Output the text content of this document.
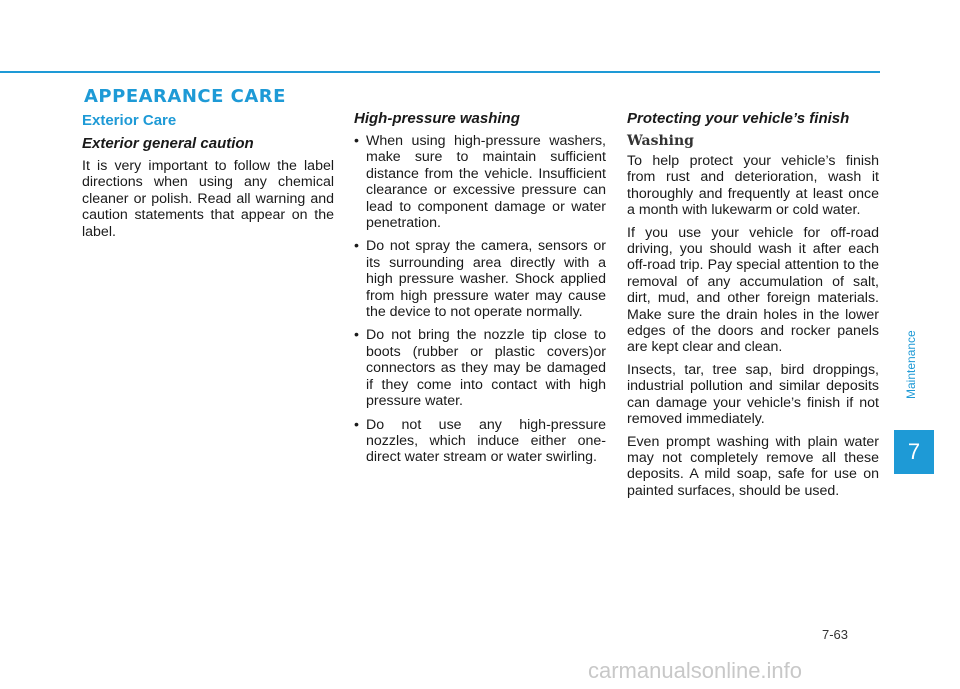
APPEARANCE CARE
Exterior Care
Exterior general caution

It is very important to follow the label directions when using any chemical cleaner or polish. Read all warning and caution statements that appear on the label.

High-pressure washing
• When using high-pressure washers, make sure to maintain sufficient distance from the vehicle. Insufficient clearance or excessive pressure can lead to component damage or water penetration.
• Do not spray the camera, sensors or its surrounding area directly with a high pressure washer. Shock applied from high pressure water may cause the device to not operate normally.
• Do not bring the nozzle tip close to boots (rubber or plastic covers)or connectors as they may be damaged if they come into contact with high pressure water.
• Do not use any high-pressure nozzles, which induce either one-direct water stream or water swirling.
Protecting your vehicle’s finish
Washing

To help protect your vehicle’s finish from rust and deterioration, wash it thoroughly and frequently at least once a month with lukewarm or cold water.

If you use your vehicle for off-road driving, you should wash it after each off-road trip. Pay special attention to the removal of any accumulation of salt, dirt, mud, and other foreign materials. Make sure the drain holes in the lower edges of the doors and rocker panels are kept clear and clean.

Insects, tar, tree sap, bird droppings, industrial pollution and similar deposits can damage your vehicle’s finish if not removed immediately.

Even prompt washing with plain water may not completely remove all these deposits. A mild soap, safe for use on painted surfaces, should be used.

Maintenance
7
7-63
carmanualsonline.info
